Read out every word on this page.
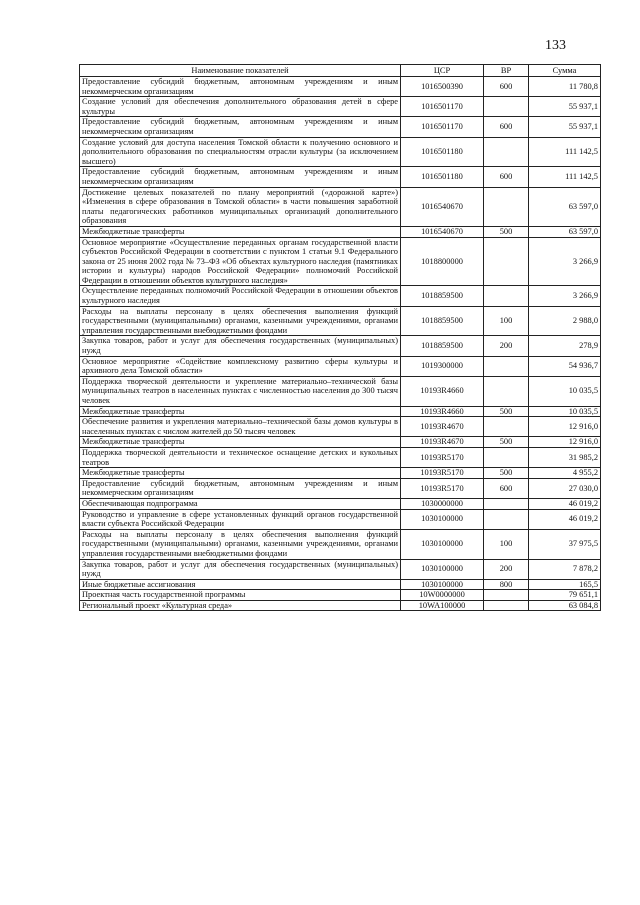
133
Наименование показателей	ЦСР	ВР	Сумма
Предоставление субсидий бюджетным, автономным учреждениям и иным некоммерческим организациям	1016500390	600	11 780,8
Создание условий для обеспечения дополнительного образования детей в сфере культуры	1016501170		55 937,1
Предоставление субсидий бюджетным, автономным учреждениям и иным некоммерческим организациям	1016501170	600	55 937,1
Создание условий для доступа населения Томской области к получению основного и дополнительного образования по специальностям отрасли культуры (за исключением высшего)	1016501180		111 142,5
Предоставление субсидий бюджетным, автономным учреждениям и иным некоммерческим организациям	1016501180	600	111 142,5
Достижение целевых показателей по плану мероприятий («дорожной карте») «Изменения в сфере образования в Томской области» в части повышения заработной платы педагогических работников муниципальных организаций дополнительного образования	1016540670		63 597,0
Межбюджетные трансферты	1016540670	500	63 597,0
Основное мероприятие «Осуществление переданных органам государственной власти субъектов Российской Федерации в соответствии с пунктом 1 статьи 9.1 Федерального закона от 25 июня 2002 года № 73–ФЗ «Об объектах культурного наследия (памятниках истории и культуры) народов Российской Федерации» полномочий Российской Федерации в отношении объектов культурного наследия»	1018800000		3 266,9
Осуществление переданных полномочий Российской Федерации в отношении объектов культурного наследия	1018859500		3 266,9
Расходы на выплаты персоналу в целях обеспечения выполнения функций государственными (муниципальными) органами, казенными учреждениями, органами управления государственными внебюджетными фондами	1018859500	100	2 988,0
Закупка товаров, работ и услуг для обеспечения государственных (муниципальных) нужд	1018859500	200	278,9
Основное мероприятие «Содействие комплексному развитию сферы культуры и архивного дела Томской области»	1019300000		54 936,7
Поддержка творческой деятельности и укрепление материально–технической базы муниципальных театров в населенных пунктах с численностью населения до 300 тысяч человек	10193R4660		10 035,5
Межбюджетные трансферты	10193R4660	500	10 035,5
Обеспечение развития и укрепления материально–технической базы домов культуры в населенных пунктах с числом жителей до 50 тысяч человек	10193R4670		12 916,0
Межбюджетные трансферты	10193R4670	500	12 916,0
Поддержка творческой деятельности и техническое оснащение детских и кукольных театров	10193R5170		31 985,2
Межбюджетные трансферты	10193R5170	500	4 955,2
Предоставление субсидий бюджетным, автономным учреждениям и иным некоммерческим организациям	10193R5170	600	27 030,0
Обеспечивающая подпрограмма	1030000000		46 019,2
Руководство и управление в сфере установленных функций органов государственной власти субъекта Российской Федерации	1030100000		46 019,2
Расходы на выплаты персоналу в целях обеспечения выполнения функций государственными (муниципальными) органами, казенными учреждениями, органами управления государственными внебюджетными фондами	1030100000	100	37 975,5
Закупка товаров, работ и услуг для обеспечения государственных (муниципальных) нужд	1030100000	200	7 878,2
Иные бюджетные ассигнования	1030100000	800	165,5
Проектная часть государственной программы	10W0000000		79 651,1
Региональный проект «Культурная среда»	10WA100000		63 084,8
